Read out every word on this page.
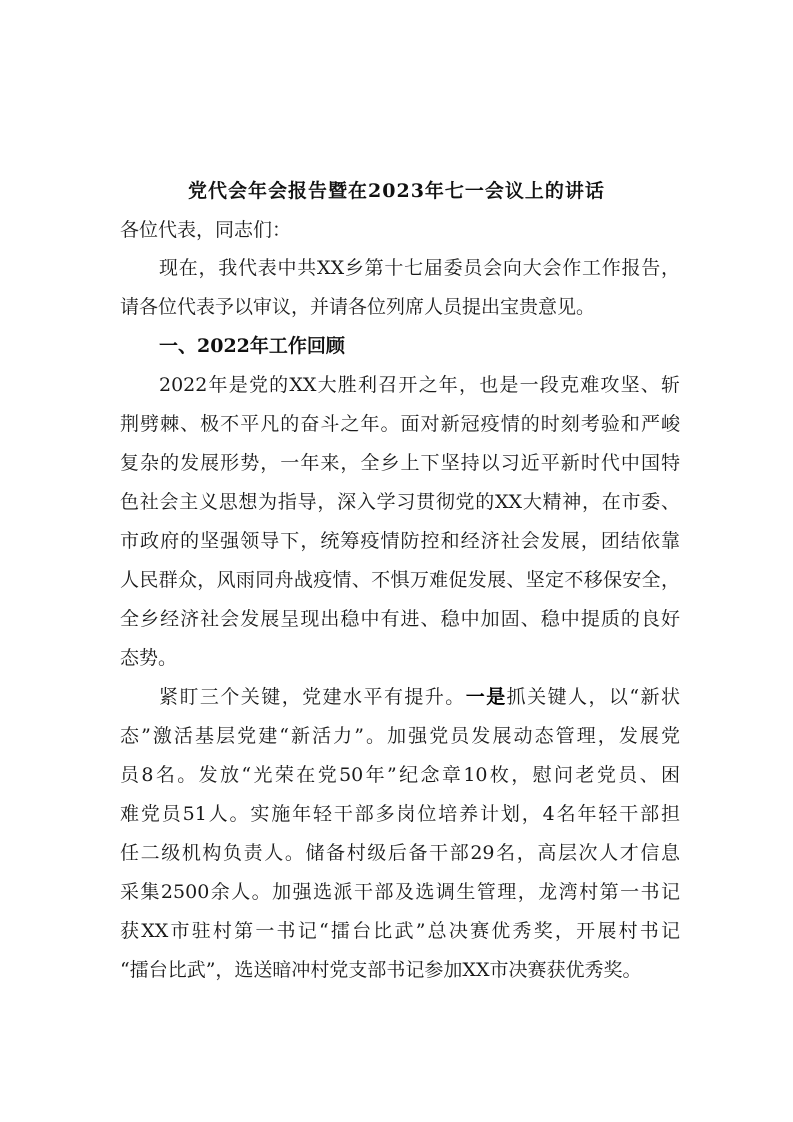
党代会年会报告暨在2023年七一会议上的讲话
各位代表，同志们：
现在，我代表中共XX乡第十七届委员会向大会作工作报告，
请各位代表予以审议，并请各位列席人员提出宝贵意见。
一、2022年工作回顾
2022年是党的XX大胜利召开之年，也是一段克难攻坚、斩
荆劈棘、极不平凡的奋斗之年。面对新冠疫情的时刻考验和严峻
复杂的发展形势，一年来，全乡上下坚持以习近平新时代中国特
色社会主义思想为指导，深入学习贯彻党的XX大精神，在市委、
市政府的坚强领导下，统筹疫情防控和经济社会发展，团结依靠
人民群众，风雨同舟战疫情、不惧万难促发展、坚定不移保安全，
全乡经济社会发展呈现出稳中有进、稳中加固、稳中提质的良好
态势。
紧盯三个关键，党建水平有提升。一是抓关键人，以“新状
态”激活基层党建“新活力”。加强党员发展动态管理，发展党
员8名。发放“光荣在党50年”纪念章10枚，慰问老党员、困
难党员51人。实施年轻干部多岗位培养计划，4名年轻干部担
任二级机构负责人。储备村级后备干部29名，高层次人才信息
采集2500余人。加强选派干部及选调生管理，龙湾村第一书记
获XX市驻村第一书记“擂台比武”总决赛优秀奖，开展村书记
“擂台比武”，选送暗冲村党支部书记参加XX市决赛获优秀奖。
